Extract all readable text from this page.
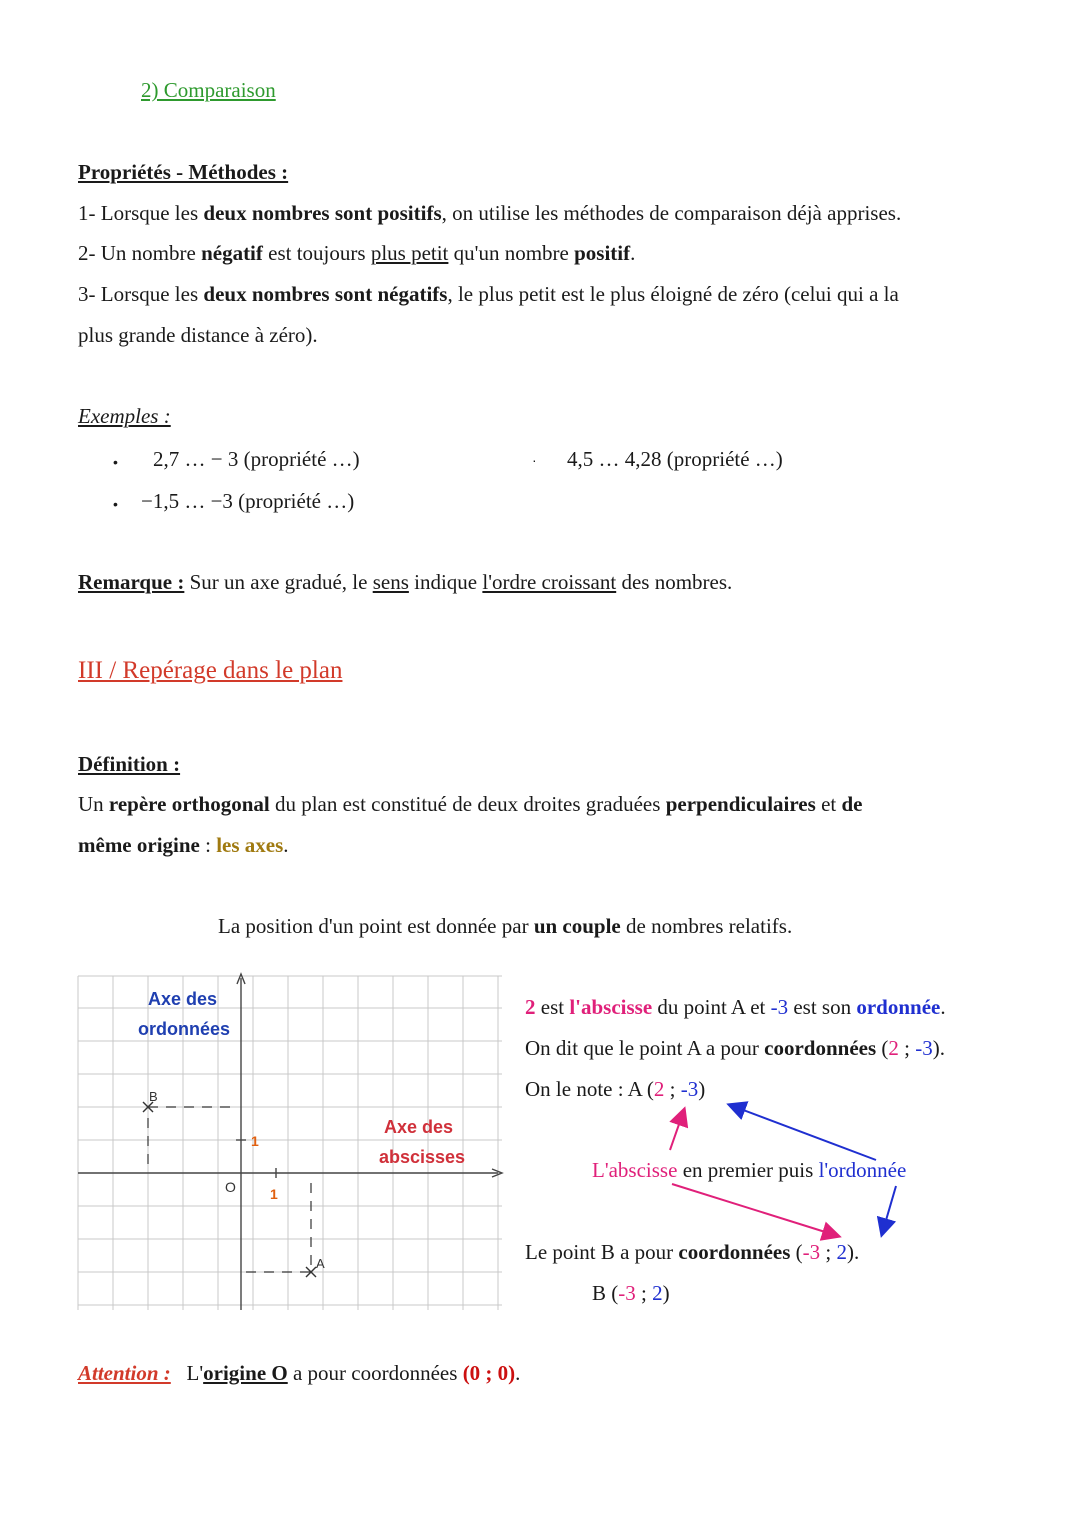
2) Comparaison
Propriétés - Méthodes :
1- Lorsque les deux nombres sont positifs, on utilise les méthodes de comparaison déjà apprises.
2- Un nombre négatif est toujours plus petit qu'un nombre positif.
3- Lorsque les deux nombres sont négatifs, le plus petit est le plus éloigné de zéro (celui qui a la
plus grande distance à zéro).
Exemples :
• 2,7 … − 3 (propriété …)	· 4,5 … 4,28 (propriété …)
• −1,5 … −3 (propriété …)
Remarque : Sur un axe gradué, le sens indique l'ordre croissant des nombres.
III / Repérage dans le plan
Définition :
Un repère orthogonal du plan est constitué de deux droites graduées perpendiculaires et de
même origine : les axes.
La position d'un point est donnée par un couple de nombres relatifs.
Axe des
ordonnées
Axe des
abscisses
O 1
1
B
A
2 est l'abscisse du point A et -3 est son ordonnée.
On dit que le point A a pour coordonnées (2 ; -3).
On le note : A (2 ; -3)
L'abscisse en premier puis l'ordonnée
Le point B a pour coordonnées (-3 ; 2).
B (-3 ; 2)
Attention : L'origine O a pour coordonnées (0 ; 0).
